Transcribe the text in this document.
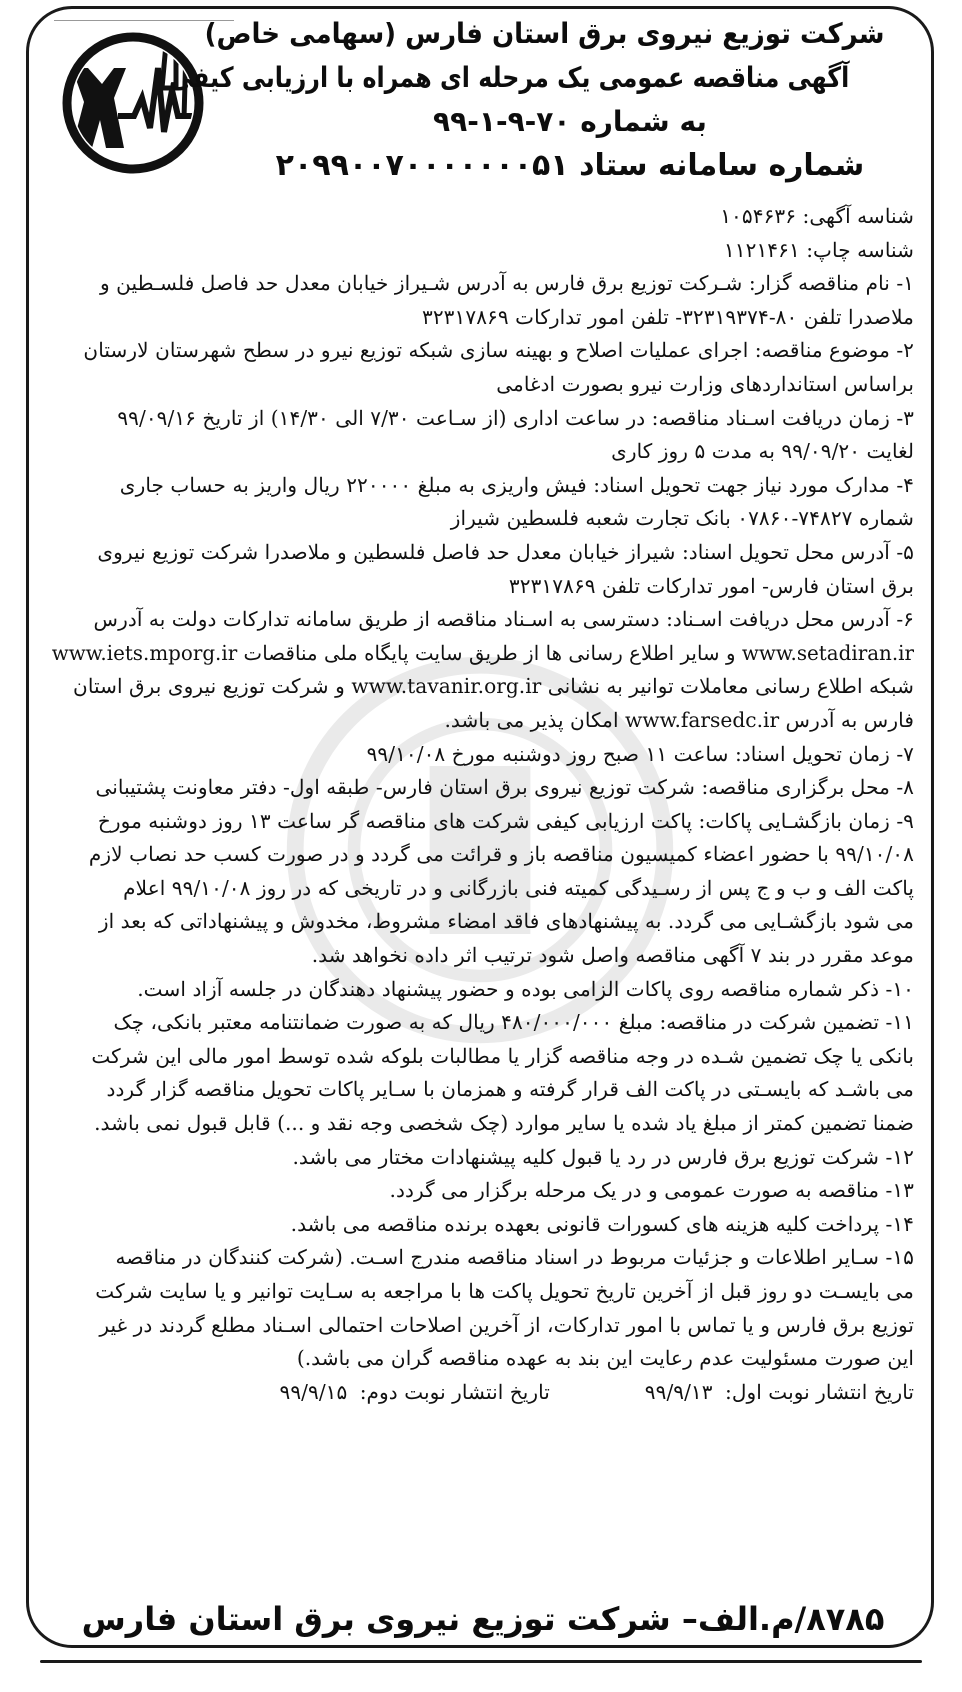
شرکت توزیع نیروی برق استان فارس (سهامی خاص)
آگهی مناقصه عمومی یک مرحله ای همراه با ارزیابی کیفی
به شماره ۷۰-۹-۱-۹۹
شماره سامانه ستاد ۲۰۹۹۰۰۷۰۰۰۰۰۰۰۵۱
شناسه آگهی: ۱۰۵۴۶۳۶
شناسه چاپ: ۱۱۲۱۴۶۱

۱- نام مناقصه گزار: شـرکت توزیع برق فارس به آدرس شـیراز خیابان معدل حد فاصل فلسـطین و
ملاصدرا تلفن ۸۰-۳۲۳۱۹۳۷۴- تلفن امور تدارکات ۳۲۳۱۷۸۶۹

۲- موضوع مناقصه: اجرای عملیات اصلاح و بهینه سازی شبکه توزیع نیرو در سطح شهرستان لارستان
براساس استانداردهای وزارت نیرو بصورت ادغامی

۳- زمان دریافت اسـناد مناقصه: در ساعت اداری (از سـاعت ۷/۳۰ الی ۱۴/۳۰) از تاریخ ۹۹/۰۹/۱۶
لغایت ۹۹/۰۹/۲۰ به مدت ۵ روز کاری

۴- مدارک مورد نیاز جهت تحویل اسناد: فیش واریزی به مبلغ ۲۲۰۰۰۰ ریال واریز به حساب جاری
شماره ۷۴۸۲۷-۰۷۸۶۰ بانک تجارت شعبه فلسطین شیراز

۵- آدرس محل تحویل اسناد: شیراز خیابان معدل حد فاصل فلسطین و ملاصدرا شرکت توزیع نیروی
برق استان فارس- امور تدارکات تلفن ۳۲۳۱۷۸۶۹

۶- آدرس محل دریافت اسـناد: دسترسی به اسـناد مناقصه از طریق سامانه تدارکات دولت به آدرس
www.setadiran.ir و سایر اطلاع رسانی ها از طریق سایت پایگاه ملی مناقصات www.iets.mporg.ir
شبکه اطلاع رسانی معاملات توانیر به نشانی www.tavanir.org.ir و شرکت توزیع نیروی برق استان
فارس به آدرس www.farsedc.ir امکان پذیر می باشد.

۷- زمان تحویل اسناد: ساعت ۱۱ صبح روز دوشنبه مورخ ۹۹/۱۰/۰۸

۸- محل برگزاری مناقصه: شرکت توزیع نیروی برق استان فارس- طبقه اول- دفتر معاونت پشتیبانی

۹- زمان بازگشـایی پاکات: پاکت ارزیابی کیفی شرکت های مناقصه گر ساعت ۱۳ روز دوشنبه مورخ
۹۹/۱۰/۰۸ با حضور اعضاء کمیسیون مناقصه باز و قرائت می گردد و در صورت کسب حد نصاب لازم
پاکت الف و ب و ج پس از رسـیدگی کمیته فنی بازرگانی و در تاریخی که در روز ۹۹/۱۰/۰۸ اعلام
می شود بازگشـایی می گردد. به پیشنهادهای فاقد امضاء مشروط، مخدوش و پیشنهاداتی که بعد از
موعد مقرر در بند ۷ آگهی مناقصه واصل شود ترتیب اثر داده نخواهد شد.

۱۰- ذکر شماره مناقصه روی پاکات الزامی بوده و حضور پیشنهاد دهندگان در جلسه آزاد است.

۱۱- تضمین شرکت در مناقصه: مبلغ ۴۸۰/۰۰۰/۰۰۰ ریال که به صورت ضمانتنامه معتبر بانکی، چک
بانکی یا چک تضمین شـده در وجه مناقصه گزار یا مطالبات بلوکه شده توسط امور مالی این شرکت
می باشـد که بایسـتی در پاکت الف قرار گرفته و همزمان با سـایر پاکات تحویل مناقصه گزار گردد
ضمنا تضمین کمتر از مبلغ یاد شده یا سایر موارد (چک شخصی وجه نقد و ...) قابل قبول نمی باشد.

۱۲- شرکت توزیع برق فارس در رد یا قبول کلیه پیشنهادات مختار می باشد.

۱۳- مناقصه به صورت عمومی و در یک مرحله برگزار می گردد.

۱۴- پرداخت کلیه هزینه های کسورات قانونی بعهده برنده مناقصه می باشد.

۱۵- سـایر اطلاعات و جزئیات مربوط در اسناد مناقصه مندرج اسـت. (شرکت کنندگان در مناقصه
می بایسـت دو روز قبل از آخرین تاریخ تحویل پاکت ها با مراجعه به سـایت توانیر و یا سایت شرکت
توزیع برق فارس و یا تماس با امور تدارکات، از آخرین اصلاحات احتمالی اسـناد مطلع گردند در غیر
این صورت مسئولیت عدم رعایت این بند به عهده مناقصه گران می باشد.)

تاریخ انتشار نوبت اول: ۹۹/۹/۱۳  تاریخ انتشار نوبت دوم: ۹۹/۹/۱۵
۸۷۸۵/م.الف– شرکت توزیع نیروی برق استان فارس
